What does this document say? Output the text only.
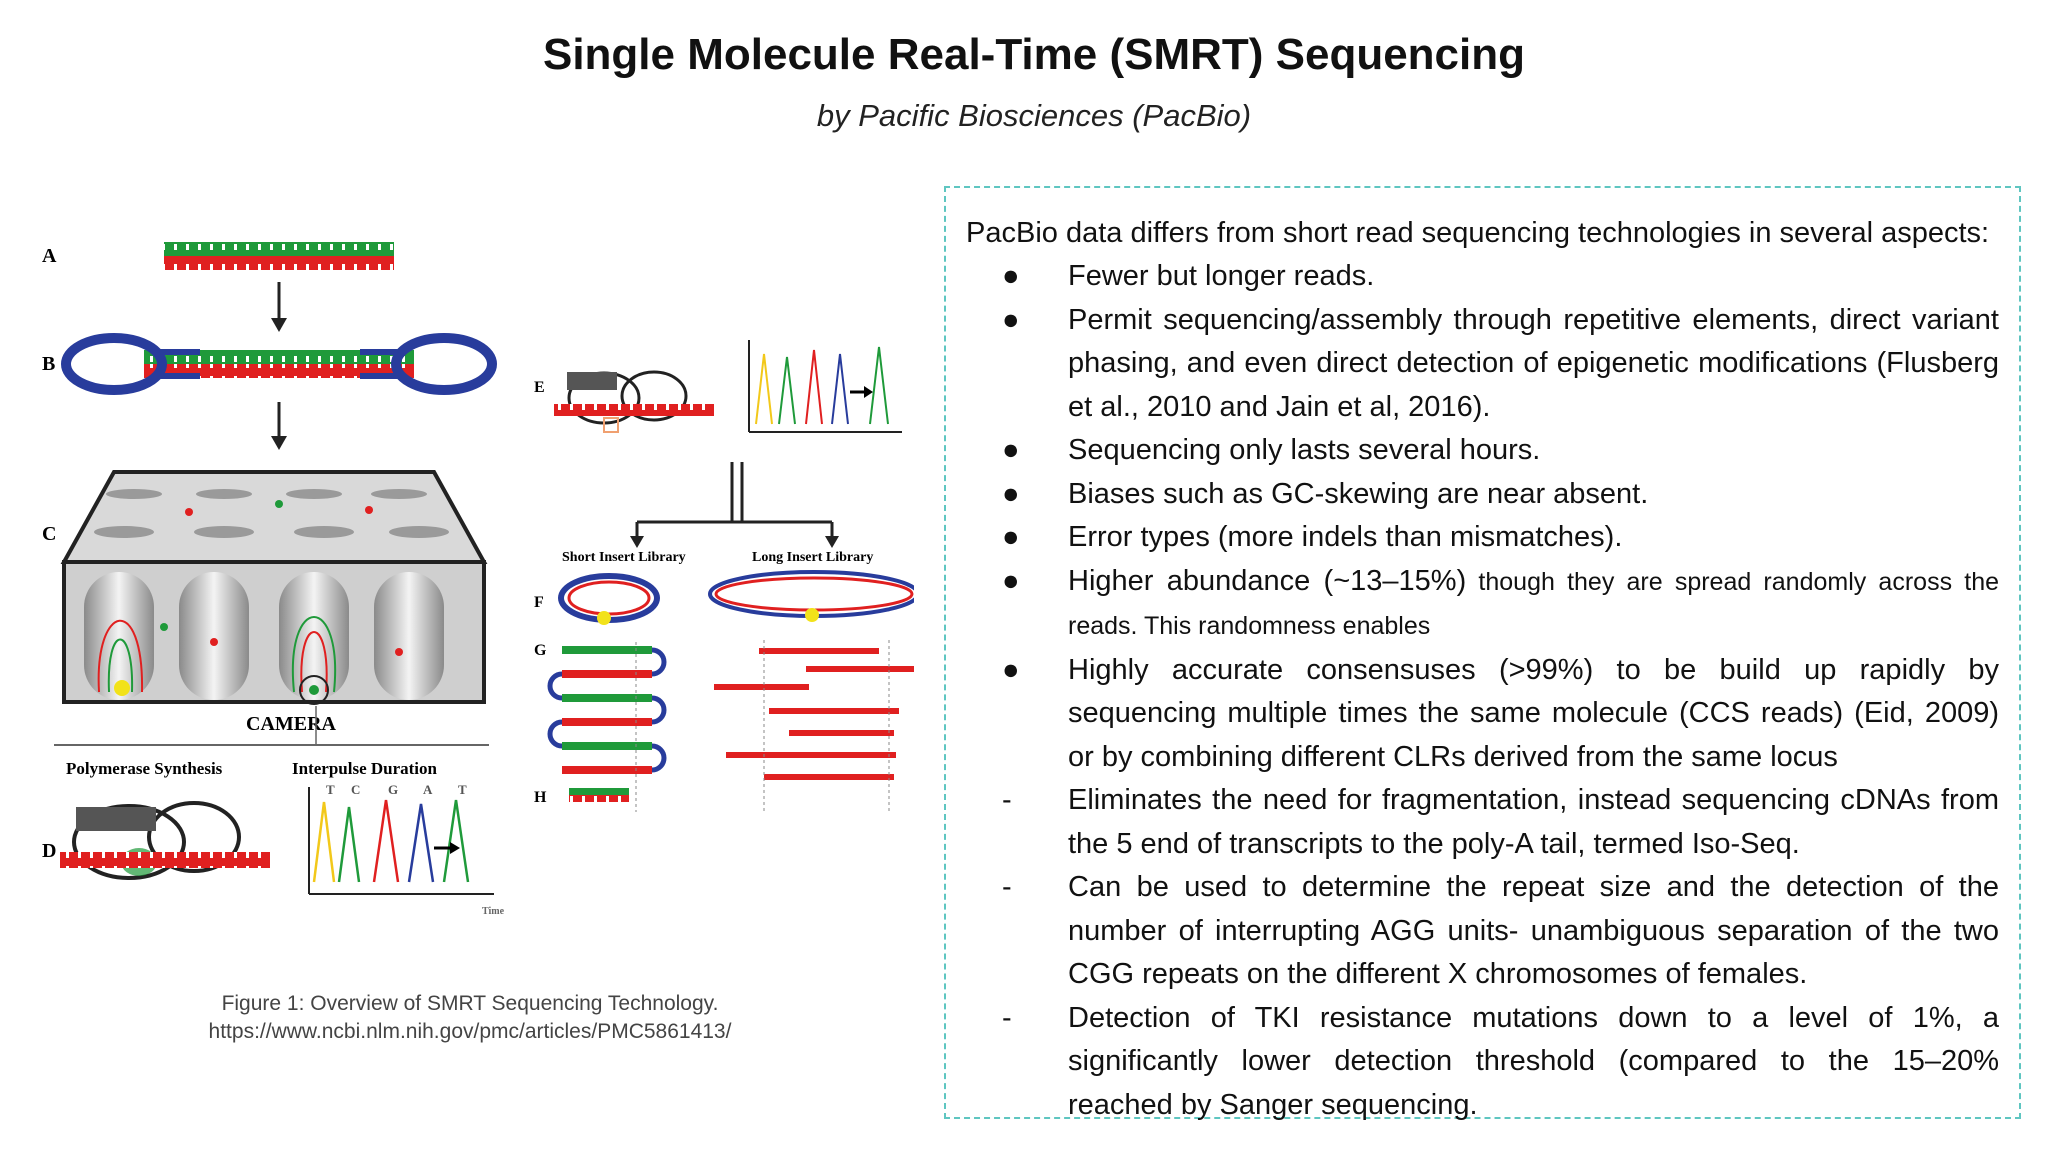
Single Molecule Real-Time (SMRT) Sequencing
by Pacific Biosciences (PacBio)
A
B
C
CAMERA
Polymerase Synthesis	Interpulse Duration
D
T C G A T
Time
E
Short Insert Library	Long Insert Library
F
G
H
Figure 1: Overview of SMRT Sequencing Technology.
https://www.ncbi.nlm.nih.gov/pmc/articles/PMC5861413/
PacBio data differs from short read sequencing technologies in several aspects:
●	Fewer but longer reads.
●	Permit sequencing/assembly through repetitive elements, direct variant phasing, and even direct detection of epigenetic modifications (Flusberg et al., 2010 and Jain et al, 2016).
●	Sequencing only lasts several hours.
●	Biases such as GC-skewing are near absent.
●	Error types (more indels than mismatches).
●	Higher abundance (~13–15%) though they are spread randomly across the reads. This randomness enables
●	Highly accurate consensuses (>99%) to be build up rapidly by sequencing multiple times the same molecule (CCS reads) (Eid, 2009) or by combining different CLRs derived from the same locus
-	Eliminates the need for fragmentation, instead sequencing cDNAs from the 5 end of transcripts to the poly-A tail, termed Iso-Seq.
-	Can be used to determine the repeat size and the detection of the number of interrupting AGG units- unambiguous separation of the two CGG repeats on the different X chromosomes of females.
-	Detection of TKI resistance mutations down to a level of 1%, a significantly lower detection threshold (compared to the 15–20% reached by Sanger sequencing.
